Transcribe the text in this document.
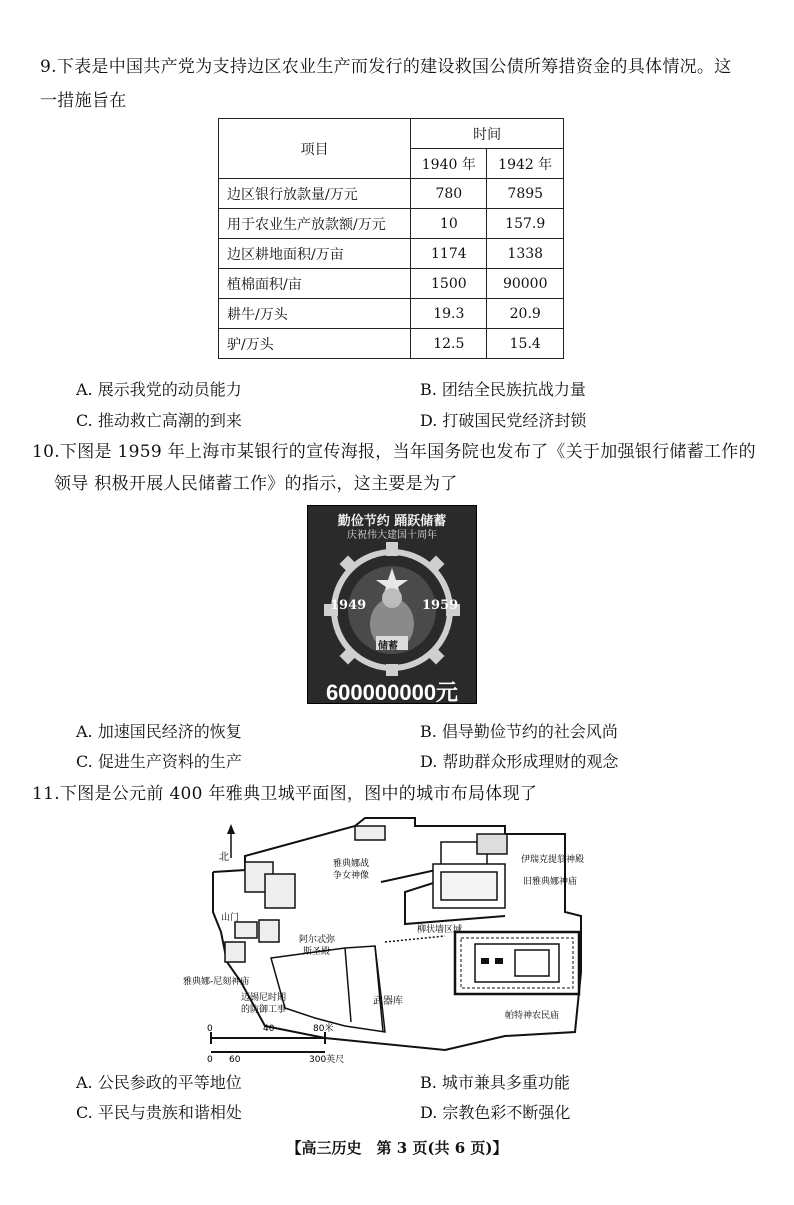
9.下表是中国共产党为支持边区农业生产而发行的建设救国公债所筹措资金的具体情况。这
一措施旨在
项目	时间	
	1940 年	1942 年
边区银行放款量/万元	780	7895
用于农业生产放款额/万元	10	157.9
边区耕地面积/万亩	1174	1338
植棉面积/亩	1500	90000
耕牛/万头	19.3	20.9
驴/万头	12.5	15.4
A. 展示我党的动员能力	B. 团结全民族抗战力量
C. 推动救亡高潮的到来	D. 打破国民党经济封锁
10.下图是 1959 年上海市某银行的宣传海报，当年国务院也发布了《关于加强银行储蓄工作的
领导 积极开展人民储蓄工作》的指示，这主要是为了
勤俭节约 踊跃储蓄
庆祝伟大建国十周年
1949	1959
储蓄
600000000元
A. 加速国民经济的恢复	B. 倡导勤俭节约的社会风尚
C. 促进生产资料的生产	D. 帮助群众形成理财的观念
11.下图是公元前 400 年雅典卫城平面图，图中的城市布局体现了
北
雅典娜战
争女神像
伊瑞克提翁神殿
旧雅典娜神庙
山门
柳状墙区域
阿尔忒弥
斯圣殿
雅典娜-尼刻神庙
迈锡尼时期
的防御工事
武器库
帕特神农民庙
0	40	80米
0 60	300英尺
A. 公民参政的平等地位	B. 城市兼具多重功能
C. 平民与贵族和谐相处	D. 宗教色彩不断强化
【高三历史　第 3 页(共 6 页)】
